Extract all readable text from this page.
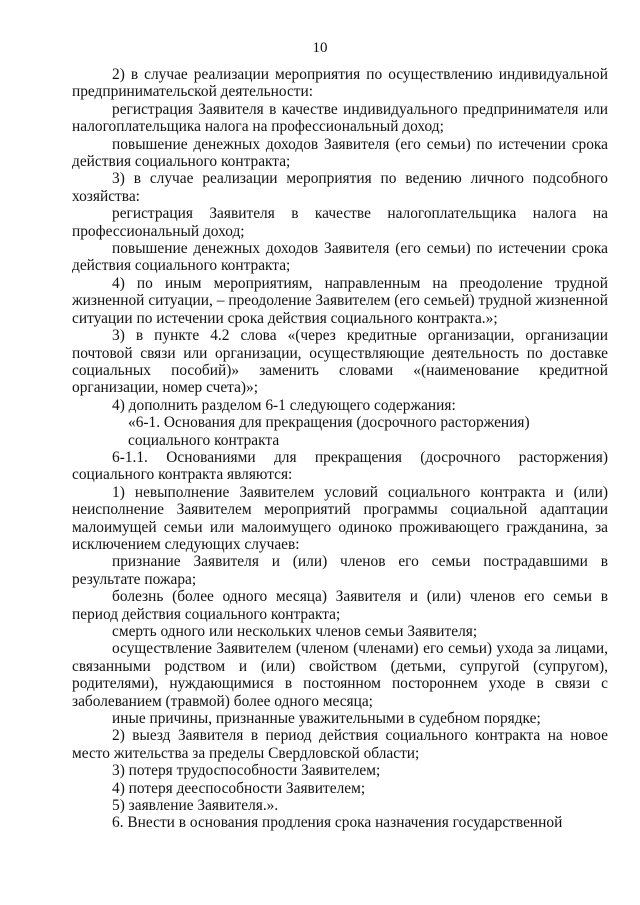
10

2) в случае реализации мероприятия по осуществлению индивидуальной предпринимательской деятельности:

регистрация Заявителя в качестве индивидуального предпринимателя или налогоплательщика налога на профессиональный доход;

повышение денежных доходов Заявителя (его семьи) по истечении срока действия социального контракта;

3) в случае реализации мероприятия по ведению личного подсобного хозяйства:

регистрация Заявителя в качестве налогоплательщика налога на профессиональный доход;

повышение денежных доходов Заявителя (его семьи) по истечении срока действия социального контракта;

4) по иным мероприятиям, направленным на преодоление трудной жизненной ситуации, – преодоление Заявителем (его семьей) трудной жизненной ситуации по истечении срока действия социального контракта.»;

3) в пункте 4.2 слова «(через кредитные организации, организации почтовой связи или организации, осуществляющие деятельность по доставке социальных пособий)» заменить словами «(наименование кредитной организации, номер счета)»;

4) дополнить разделом 6-1 следующего содержания:

«6-1. Основания для прекращения (досрочного расторжения)

социального контракта

6-1.1. Основаниями для прекращения (досрочного расторжения) социального контракта являются:

1) невыполнение Заявителем условий социального контракта и (или) неисполнение Заявителем мероприятий программы социальной адаптации малоимущей семьи или малоимущего одиноко проживающего гражданина, за исключением следующих случаев:

признание Заявителя и (или) членов его семьи пострадавшими в результате пожара;

болезнь (более одного месяца) Заявителя и (или) членов его семьи в период действия социального контракта;

смерть одного или нескольких членов семьи Заявителя;

осуществление Заявителем (членом (членами) его семьи) ухода за лицами, связанными родством и (или) свойством (детьми, супругой (супругом), родителями), нуждающимися в постоянном постороннем уходе в связи с заболеванием (травмой) более одного месяца;

иные причины, признанные уважительными в судебном порядке;

2) выезд Заявителя в период действия социального контракта на новое место жительства за пределы Свердловской области;

3) потеря трудоспособности Заявителем;

4) потеря дееспособности Заявителем;

5) заявление Заявителя.».

6. Внести в основания продления срока назначения государственной
